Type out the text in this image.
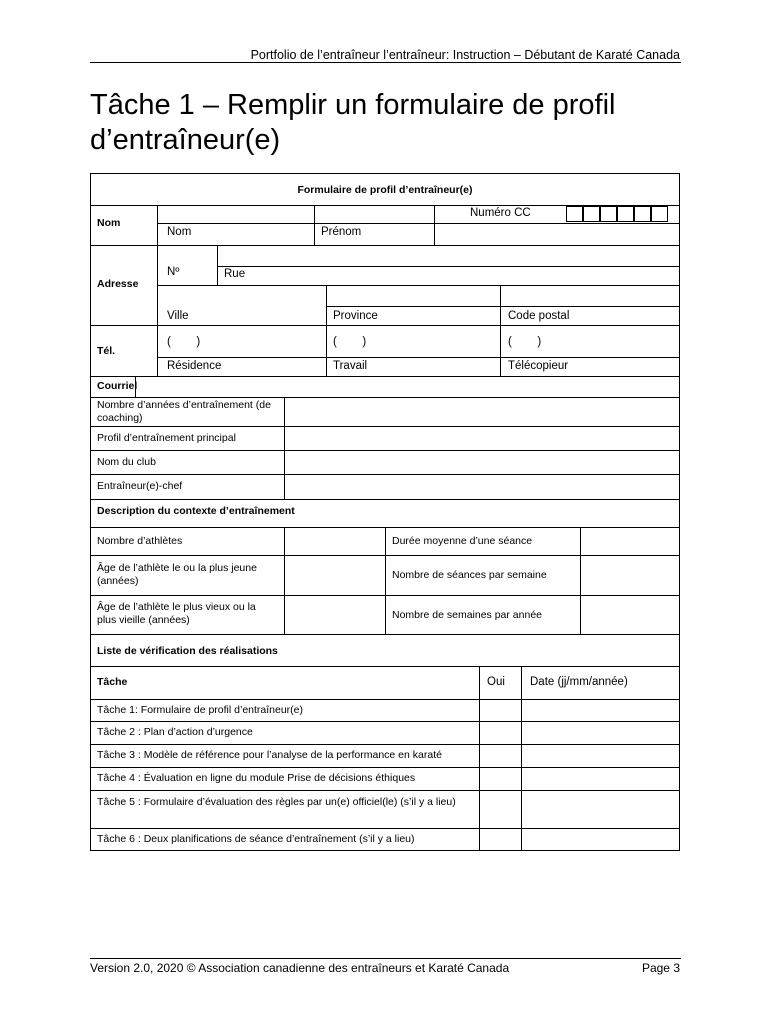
Portfolio de l’entraîneur l’entraîneur: Instruction – Débutant de Karaté Canada
Tâche 1 – Remplir un formulaire de profil
d’entraîneur(e)
Formulaire de profil d’entraîneur(e)
Nom
Nom	Prénom
Numéro CC
Adresse
Nº	Rue
Ville	Province	Code postal
Tél.
(        )	(        )	(        )
Résidence	Travail	Télécopieur
Courriel
Nombre d’années d’entraînement (de coaching)
Profil d’entraînement principal
Nom du club
Entraîneur(e)-chef
Description du contexte d’entraînement
Nombre d’athlètes	Durée moyenne d’une séance
Âge de l’athlète le ou la plus jeune (années)	Nombre de séances par semaine
Âge de l’athlète le plus vieux ou la plus vieille (années)	Nombre de semaines par année
Liste de vérification des réalisations
Tâche	Oui Date (jj/mm/année)
Tâche 1: Formulaire de profil d’entraîneur(e)
Tâche 2 : Plan d’action d’urgence
Tâche 3 : Modèle de référence pour l’analyse de la performance en karaté
Tâche 4 : Évaluation en ligne du module Prise de décisions éthiques
Tâche 5 : Formulaire d’évaluation des règles par un(e) officiel(le) (s’il y a lieu)
Tâche 6 : Deux planifications de séance d’entraînement (s’il y a lieu)
Version 2.0, 2020 © Association canadienne des entraîneurs et Karaté Canada	Page 3
